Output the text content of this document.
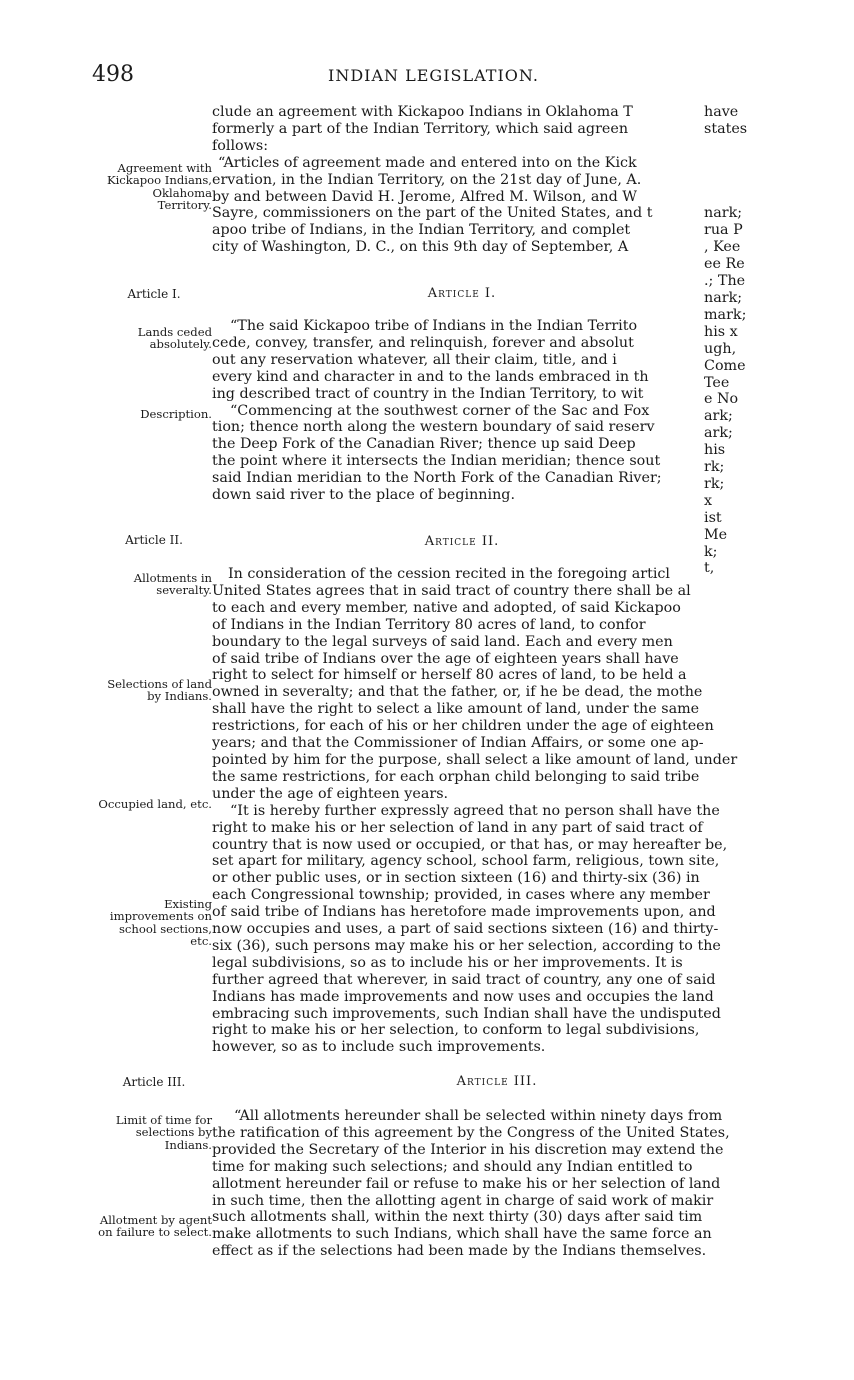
498	INDIAN LEGISLATION.
clude an agreement with Kickapoo Indians in Oklahoma T
formerly a part of the Indian Territory, which said agreen
follows:
“Articles of agreement made and entered into on the Kick
ervation, in the Indian Territory, on the 21st day of June, A.
by and between David H. Jerome, Alfred M. Wilson, and W
Sayre, commissioners on the part of the United States, and t
apoo tribe of Indians, in the Indian Territory, and complet
city of Washington, D. C., on this 9th day of September, A
Article I.
“The said Kickapoo tribe of Indians in the Indian Territo
cede, convey, transfer, and relinquish, forever and absolut
out any reservation whatever, all their claim, title, and i
every kind and character in and to the lands embraced in th
ing described tract of country in the Indian Territory, to wit
“Commencing at the southwest corner of the Sac and Fox
tion; thence north along the western boundary of said reserv
the Deep Fork of the Canadian River; thence up said Deep
the point where it intersects the Indian meridian; thence sout
said Indian meridian to the North Fork of the Canadian River;
down said river to the place of beginning.
Article II.
In consideration of the cession recited in the foregoing articl
United States agrees that in said tract of country there shall be al
to each and every member, native and adopted, of said Kickapoo
of Indians in the Indian Territory 80 acres of land, to confor
boundary to the legal surveys of said land. Each and every men
of said tribe of Indians over the age of eighteen years shall have
right to select for himself or herself 80 acres of land, to be held a
owned in severalty; and that the father, or, if he be dead, the mothe
shall have the right to select a like amount of land, under the same
restrictions, for each of his or her children under the age of eighteen
years; and that the Commissioner of Indian Affairs, or some one ap-
pointed by him for the purpose, shall select a like amount of land, under
the same restrictions, for each orphan child belonging to said tribe
under the age of eighteen years.
“It is hereby further expressly agreed that no person shall have the
right to make his or her selection of land in any part of said tract of
country that is now used or occupied, or that has, or may hereafter be,
set apart for military, agency school, school farm, religious, town site,
or other public uses, or in section sixteen (16) and thirty-six (36) in
each Congressional township; provided, in cases where any member
of said tribe of Indians has heretofore made improvements upon, and
now occupies and uses, a part of said sections sixteen (16) and thirty-
six (36), such persons may make his or her selection, according to the
legal subdivisions, so as to include his or her improvements. It is
further agreed that wherever, in said tract of country, any one of said
Indians has made improvements and now uses and occupies the land
embracing such improvements, such Indian shall have the undisputed
right to make his or her selection, to conform to legal subdivisions,
however, so as to include such improvements.
Article III.
“All allotments hereunder shall be selected within ninety days from
the ratification of this agreement by the Congress of the United States,
provided the Secretary of the Interior in his discretion may extend the
time for making such selections; and should any Indian entitled to
allotment hereunder fail or refuse to make his or her selection of land
in such time, then the allotting agent in charge of said work of makir
such allotments shall, within the next thirty (30) days after said tim
make allotments to such Indians, which shall have the same force an
effect as if the selections had been made by the Indians themselves.
Agreement with Kickapoo Indians, Oklahoma Territory.
Article I.
Lands ceded absolutely.
Description.
Article II.
Allotments in severalty.
Selections of land by Indians.
Occupied land, etc.
Existing improvements on school sections, etc.
Article III.
Limit of time for selections by Indians.
Allotment by agent on failure to select.
have
states

nark;
rua P
, Kee
ee Re
.; The
nark;
mark;
his x
ugh,
Come
Tee
e No
ark;
ark;
his
rk;
rk;
x
ist
Me
k;
t,
